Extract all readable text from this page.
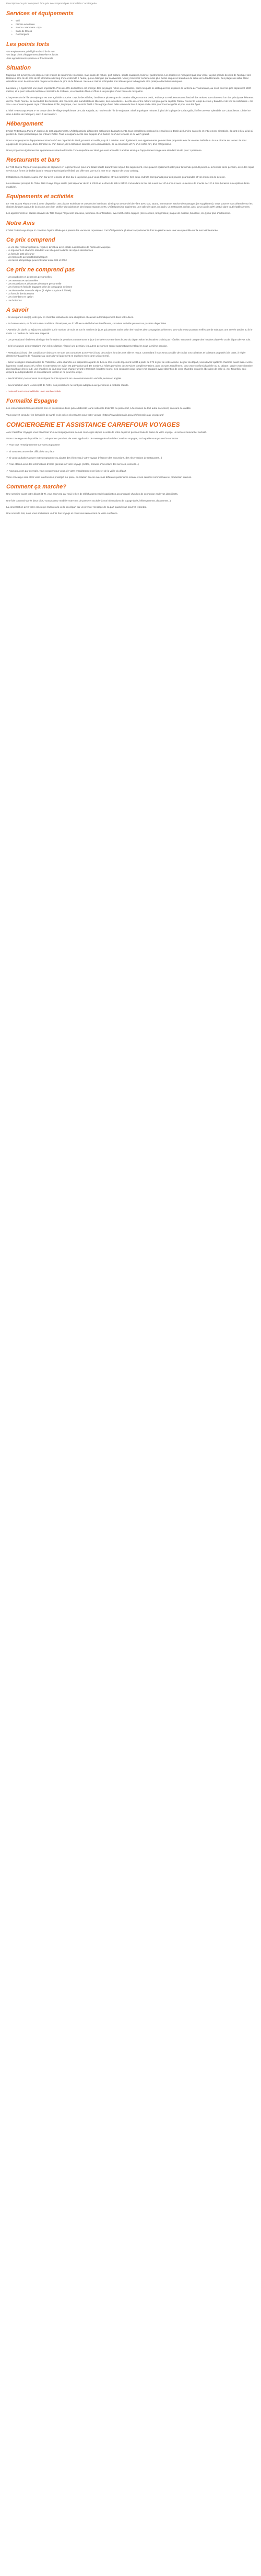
Description Ce prix comprend / Ce prix ne comprend pas Formalités Conciergerie
Services et équipements
• Wifi
• Piscine extérieure
• Sauna - Hammam - Spa
• Salle de fitness
• Conciergerie
Les points forts
-Un emplacement privilégié au bord de la mer
-Un large choix d'équipements bien-être et loisirs
-Des appartements spacieux et fonctionnels
Situation

Majorque est synonyme de plages et de criques de renommée mondiale, mais aussi de nature, golf, culture, sports nautiques, loisirs et gastronomie. Les raisons ne manquent pas pour visiter la plus grande des îles de l'archipel des Baléares. Une île de près de 80 kilomètres de long d'une extrémité à l'autre, qui se distingue par sa diversité. Vous y trouverez certaines des plus belles criques et étendues de sable de la Méditerranée. Des plages de sable blanc cristallines avec de minuscules criques entourées de pins et de falaises. Ses eaux claires et limpides sont idéales pour la baignade et la pratique d'activités nautiques.

La nature y a également une place importante. Près de 40% du territoire est protégé. Des paysages riches en contrastes, parmi lesquels se distinguent les espaces de la Serra de Tramuntana, au nord, dont les pics dépassent 1400 mètres, et le parc national maritime et terrestre de Cabrera, un ensemble d'îles et d'îlots à un peu plus d'une heure de navigation.

Chaque recoin de l'île de Majorque est une agréable surprise. Depuis des siècles, l'ambiance pittoresque de certains villages comme Deià , Pollença ou Valldemossa ont fasciné des artistes. La culture est l'un des principaux éléments de l'île. Toute l'année, se succèdent des festivals, des concerts, des manifestations littéraires, des expositions... Le rôle de centre culturel est joué par la capitale Palma. Prenez le temps de vous y balader et de voir sa cathédrale « Sa Seu » ou encore le palais royal d'Almudaina. Enfin, Majorque, c'est aussi la fierté. L'île regorge d'une belle variété de bars à tapas et de clubs pour tous les goûts et pour tous les âges.

L'hôtel THB Guaya Playa 4* se trouve dans le village de pêcheurs de Cala Ratjada, au nord-est de l'île de Majorque. Situé à quelques minutes à pied de la plage de Cala Agulla, il offre une vue splendide sur Cala Lliteras. L'hôtel se situe à 80 km de l'aéroport, soit 1 h de transfert.

Hébergement

L'hôtel THB Guaya Playa 4* dispose de 138 appartements. L'hôtel possède différentes catégories d'appartements, tous complètement rénovés et redécorés. Dotés de lumière naturelle et entièrement climatisés, ils sont le lieu idéal où profiter du cadre paradisiaque qui entoure l'hôtel. Tous les appartements sont équipés d'un balcon ou d'une terrasse et du Wi-Fi gratuit.

Nous vous proposons l'appartement standard d'une capacité de 45m², pouvant accueillir jusqu'à 3 adultes. Avec également, ces appartements peuvent être proposés avec la vue mer latérale ou la vue directe sur la mer. Ils sont équipés de lits jumeaux, d'une terrasse ou d'un balcon, de la télévision satellite, de la climatisation, de la connexion Wi-Fi, d'un coffre-fort, d'un réfrigérateur.

Nous proposons également les appartements standard Studio d'une superficie de 36m², pouvant accueillir 2 adultes ainsi que l'appartement single une standard studio pour 1 personne.

Restaurants et bars

Le THB Guaya Playa 4* vous propose de séjourner en logement seul, pour une totale liberté durant votre séjour. En supplément, vous pouvez également opter pour la formule petit-déjeuner ou la formule demi-pension, avec des repas servis sous forme de buffet dans le restaurant principal de l'hôtel, qui offre une vue sur la mer et un espace de show cooking.

L'établissement dispose aussi d'un bar avec terrasse et d'un bar à la piscine, pour vous désaltérer et vous rafraîchir. Ces deux endroits sont parfaits pour des pauses gourmandes et vos moments de détente.

Le restaurant principal de l'hôtel THB Guaya Playa sert le petit déjeuner de 8h à 10h30 et le dîner de 19h à 21h30. Inclus dans le bar est ouvert de 10h à minuit avec un service de snacks de 12h à 16h (horaires susceptibles d'être modifiés).

Equipements et activités

Le THB Guaya Playa 4* met à votre disposition une piscine extérieure et une piscine intérieure, ainsi qu'un centre de bien-être avec spa, sauna, hammam et service de massages (en supplément). Vous pourrez vous détendre sur les chaises longues autour de la piscine avec bar, profiter du solarium et des beaux espaces verts. L'hôtel possède également une salle de sport, un jardin, un restaurant, un bar, ainsi qu'un accès WiFi gratuit dans tout l'établissement.

Les appartements et studios rénovés du THB Guaya Playa sont spacieux, lumineux et confortables, avec kitchenette équipée (micro-ondes, réfrigérateur, plaque de cuisson, bouilloire, etc.) pour plus d'autonomie.

Notre Avis

L'hôtel THB Guaya Playa 4* constitue l'option idéale pour passer des vacances reposantes. Cet hôtel possède plusieurs appartements dont sa piscine avec une vue splendide sur la mer Méditerranée.

Ce prix comprend
- Le vol aller / retour spécial ou régulier, direct ou avec escale à destination de Palma de Majorque
- Le logement en chambre standard vue ville pour la durée de séjour sélectionnée
- La formule petit-déjeuner
- Les transferts aéroport/hôtel/aéroport
- Les taxes aéroport qui peuvent varier entre 30€ et 200€
Ce prix ne comprend pas
- Les pourboires et dépenses personnelles
- Les assurances optionnelles
- Les excursions et dépenses de nature personnelle
- Les éventuels frais de bagages selon la compagnie aérienne
- Les éventuelles taxes de séjour (à régler sur place à l'hôtel)
- La formule demi-pension
- Les chambres en option
- Les boissons
A savoir

- Si vous partez seul(e), votre prix en chambre individuelle sera obligatoire et calculé automatiquement dans votre devis.

- En basse saison, en fonction des conditions climatiques, ou à l'affluence de l'hôtel est insuffisante, certaines activités peuvent ne pas être disponibles.

- Attention, la durée du séjour est calculée sur le nombre de nuits et non le nombre de jours qui peuvent varier selon les horaires des compagnies aériennes. Les vols retour pourront s'effectuer de nuit avec une arrivée tardive au lit le matin. Le nombre de nuits sera respecté.

- Les prestations hôtelières ainsi que les formules de pensions commencent le jour d'arrivée et se terminent le jour du départ selon les horaires choisis par l'hôtelier, sans tenir compte des horaires d'arrivée ou de départ de vos vols.

- Dès lors qu'une des prestations d'un même dossier réservé une pension, les autres personnes seront automatiquement logées sous la même pension.

- Prestations à bord : les conditions et boissons ne sont pas comprises au service à bord des avions lors des vols aller et retour. Cependant il vous sera possible de choisir vos collations et boissons proposés à la carte, à régler directement auprès de l'équipage au cours du vol (paiement en espèces et en carte uniquement).

- Selon les règles internationales de l'hôtellerie, votre chambre est disponible à partir de 14h ou 15h et votre logement locatif à partir de 17h le jour de votre arrivée. Le jour du départ, vous devrez quitter la chambre avant midi et votre logement locatif avant 10h, même si votre retour en avion est prévu plus tard. De nombreux hôtels prévoient des services complémentaires, avec ou sans supplément, pour votre confort à l'arrivée ou au départ : garder votre chambre plus tard (late check-out), une chambre de jour pour vous changer avant le transfert (courtesy room). Ces consignes pour ranger vos bagages avant obtention de votre chambre ou après libération de celle-ci, etc. Toutefois, ceci dépend des disponibilités et circonstances locales et ne peut être exigé.

- Seul indication, les services touristiques fournis reposent sur une communication verbale, servie en anglais.

- Seul indication dans le descriptif de l'offre, nos prestations ne sont pas adaptées aux personnes à mobilité réduite.

- Cette offre est non modifiable - non remboursable

Formalité Espagne

Les ressortissants français doivent être en possession d'une pièce d'identité (carte nationale d'identité ou passeport, à l'exclusion de tout autre document) en cours de validité.

Vous pouvez consulter les formalités de santé et de police nécessaires pour votre voyage : https://www.diplomatie.gouv.fr/fr/conseils-aux-voyageurs/

CONCIERGERIE ET ASSISTANCE CARREFOUR VOYAGES

Avec Carrefour Voyages vous bénéficiez d'un accompagnement de nos concierges depuis la veille de votre départ et pendant toute la durée de votre voyage, un service innovant et exclusif.

Votre concierge est disponible 24/7, uniquement par chat, via votre application de messagerie sécurisée Carrefour Voyages, sur laquelle vous pouvez le contacter :

✓ Pour tous renseignements sur votre programme

✓ Si vous rencontrez des difficultés sur place

✓ Si vous souhaitez ajouter votre programme ou ajouter des éléments à votre voyage (réserver des excursions, des réservations de restaurants...)

✓ Pour obtenir avoir des informations d'ordre général sur votre voyage (météo, horaires d'ouverture des services, conseils...)

✓ Nous pouvons par exemple, vous occuper pour vous, de votre enregistrement en ligne et de la veille du départ

Votre concierge sera alors votre interlocuteur privilégié sur place, en relation directe avec nos différents partenaires locaux et nos services commerciaux et production internes.

Comment ça marche?

Une semaine avant votre départ (J-7), vous recevrez par mail, le lien de téléchargement de l'application accompagné d'un lien de connexion et de vos identifiants.

Une fois connecté après deux clics, vous pourrez modifier votre mot de passe et accéder à vos informations de voyage (vols, hébergements, documents...).

La conversation avec votre concierge s'activera la veille du départ par un premier message de sa part quand vous pourrez répondre.

Une nouvelle fois, nous vous souhaitons un très bon voyage et nous vous remercions de votre confiance.
